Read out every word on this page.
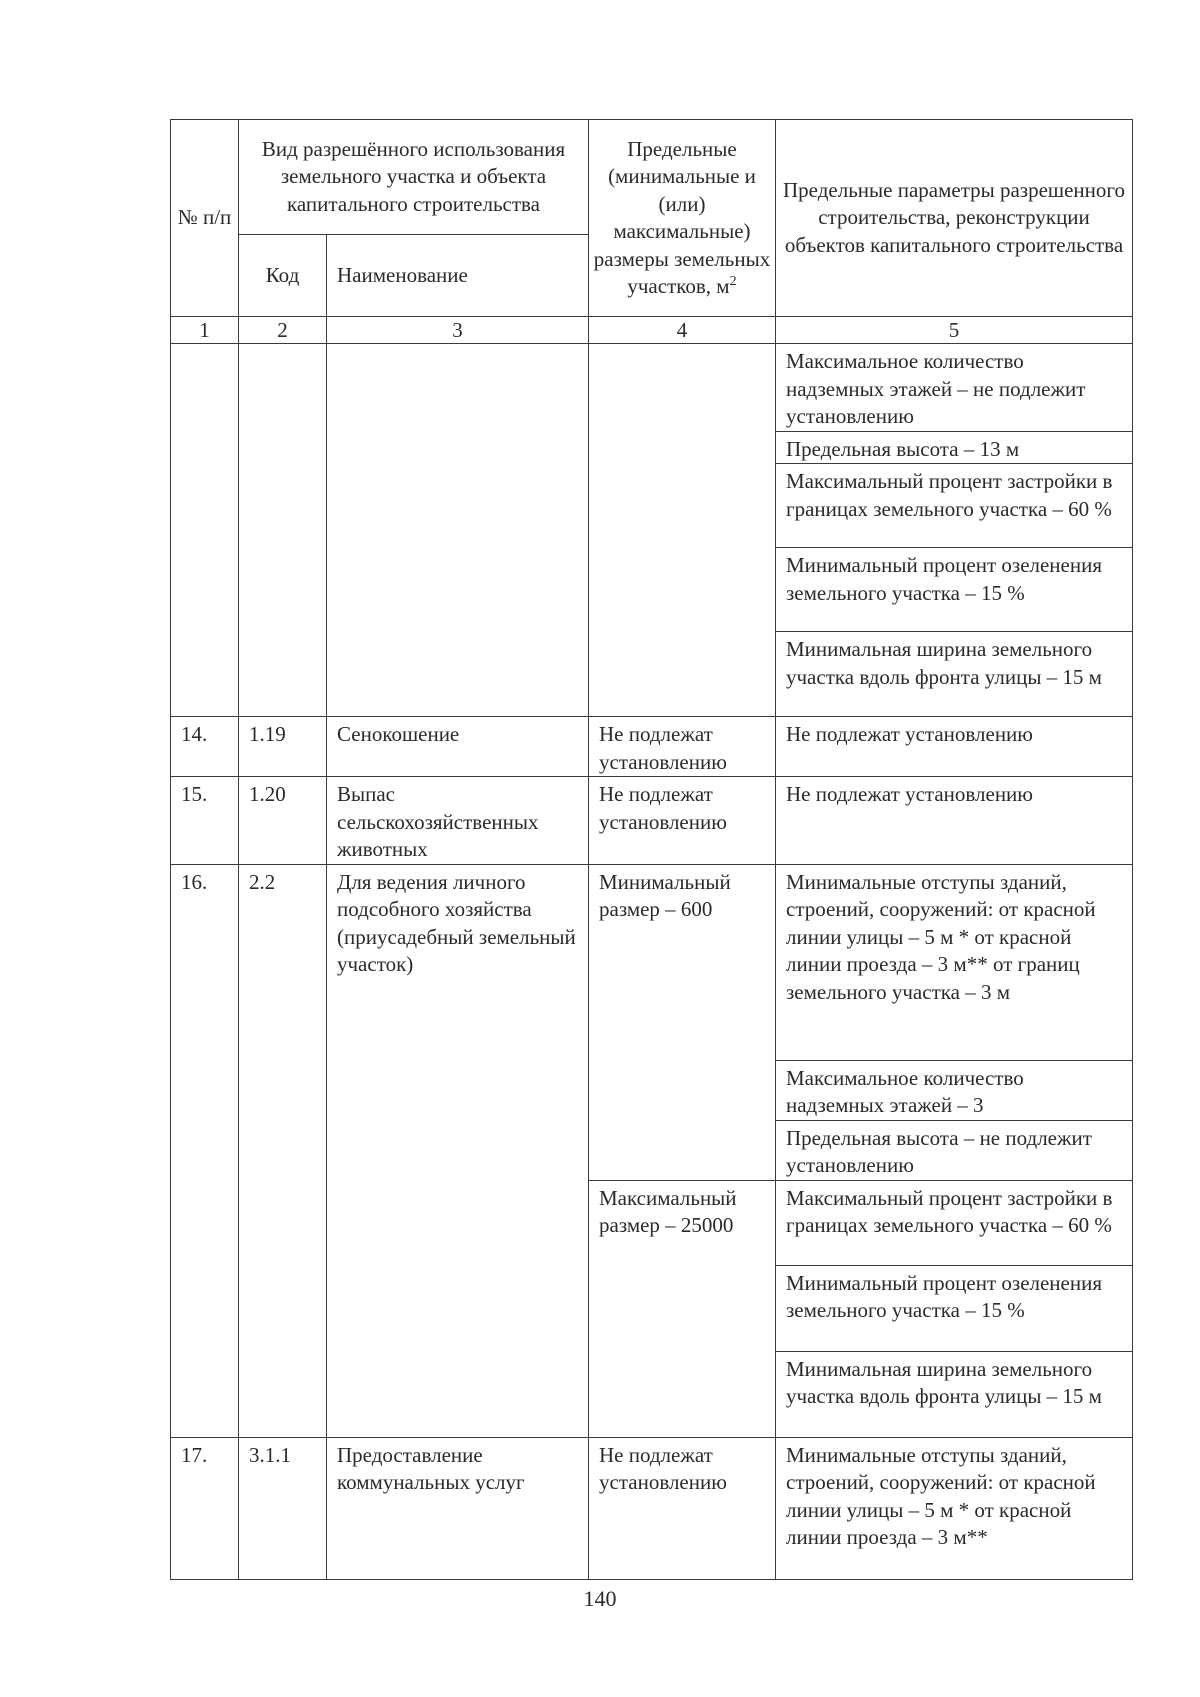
№ п/п	Вид разрешённого использования земельного участка и объекта капитального строительства		Предельные (минимальные и (или) максимальные) размеры земельных участков, $м^2$	Предельные параметры разрешенного строительства, реконструкции объектов капитального строительства
	Код	Наименование		
1	2	3	4	5
				Максимальное количество надземных этажей – не подлежит установлению
				Предельная высота – 13 м
				Максимальный процент застройки в границах земельного участка – 60 %
				Минимальный процент озеленения земельного участка – 15 %
				Минимальная ширина земельного участка вдоль фронта улицы – 15 м
14.	1.19	Сенокошение	Не подлежат установлению	Не подлежат установлению
15.	1.20	Выпас сельскохозяйственных животных	Не подлежат установлению	Не подлежат установлению
16.	2.2	Для ведения личного подсобного хозяйства (приусадебный земельный участок)	Минимальный размер – 600	Минимальные отступы зданий, строений, сооружений: от красной линии улицы – 5 м * от красной линии проезда – 3 м** от границ земельного участка – 3 м
				Максимальное количество надземных этажей – 3
				Предельная высота – не подлежит установлению
			Максимальный размер – 25000	Максимальный процент застройки в границах земельного участка – 60 %
				Минимальный процент озеленения земельного участка – 15 %
				Минимальная ширина земельного участка вдоль фронта улицы – 15 м
17.	3.1.1	Предоставление коммунальных услуг	Не подлежат установлению	Минимальные отступы зданий, строений, сооружений: от красной линии улицы – 5 м * от красной линии проезда – 3 м**
140
